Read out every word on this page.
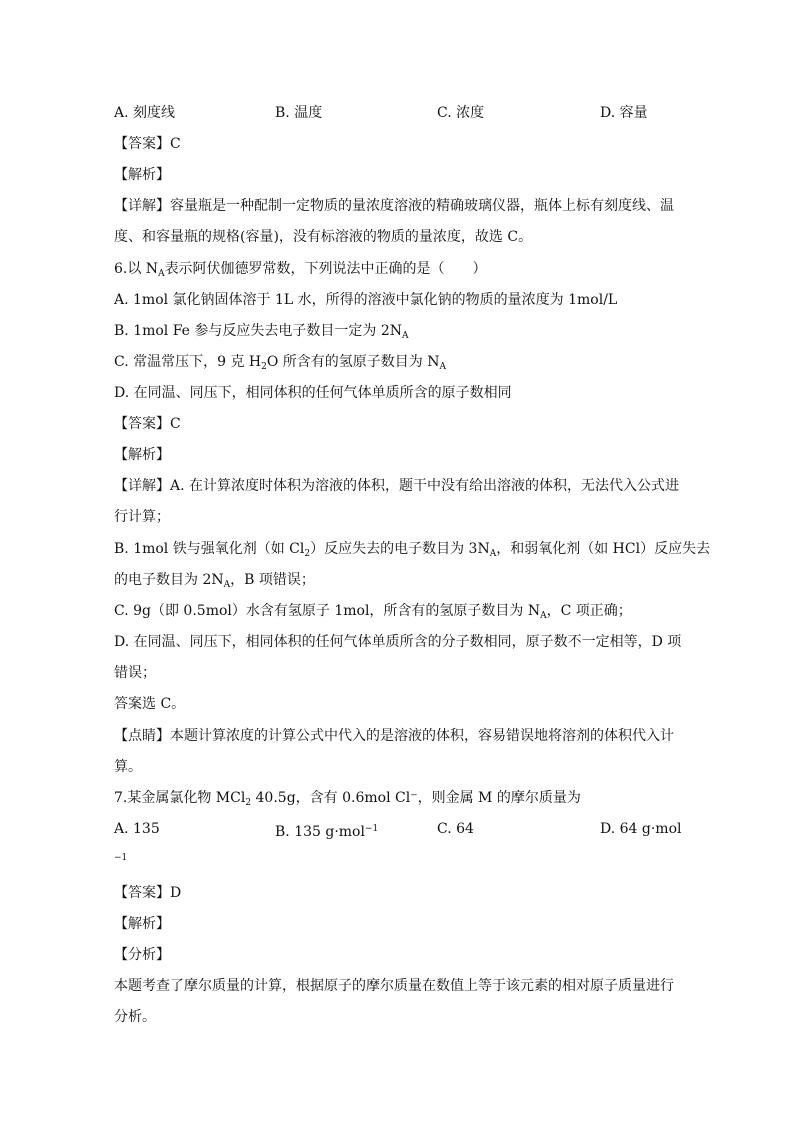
A. 刻度线	B. 温度	C. 浓度	D. 容量
【答案】C
【解析】
【详解】容量瓶是一种配制一定物质的量浓度溶液的精确玻璃仪器，瓶体上标有刻度线、温
度、和容量瓶的规格(容量)，没有标溶液的物质的量浓度，故选 C。
6.以 $N_A$表示阿伏伽德罗常数，下列说法中正确的是（　　）
A. 1mol 氯化钠固体溶于 1L 水，所得的溶液中氯化钠的物质的量浓度为 1mol/L
B. 1mol Fe 参与反应失去电子数目一定为 $2N_A$
C. 常温常压下，9 克 $H_2O$ 所含有的氢原子数目为 $N_A$
D. 在同温、同压下，相同体积的任何气体单质所含的原子数相同
【答案】C
【解析】
【详解】A. 在计算浓度时体积为溶液的体积，题干中没有给出溶液的体积，无法代入公式进
行计算；
B. 1mol 铁与强氧化剂（如 $Cl_2$）反应失去的电子数目为 $3N_A$，和弱氧化剂（如 HCl）反应失去
的电子数目为 $2N_A$，B 项错误；
C. 9g（即 0.5mol）水含有氢原子 1mol，所含有的氢原子数目为 $N_A$，C 项正确；
D. 在同温、同压下，相同体积的任何气体单质所含的分子数相同，原子数不一定相等，D 项
错误；
答案选 C。
【点睛】本题计算浓度的计算公式中代入的是溶液的体积，容易错误地将溶剂的体积代入计
算。
7.某金属氯化物 MCl$_2$ 40.5g，含有 0.6mol Cl⁻，则金属 M 的摩尔质量为
A. 135	B. 135 g·mol$^{-1}$	C. 64	D. 64 g·mol
−1
【答案】D
【解析】
【分析】
本题考查了摩尔质量的计算，根据原子的摩尔质量在数值上等于该元素的相对原子质量进行
分析。
